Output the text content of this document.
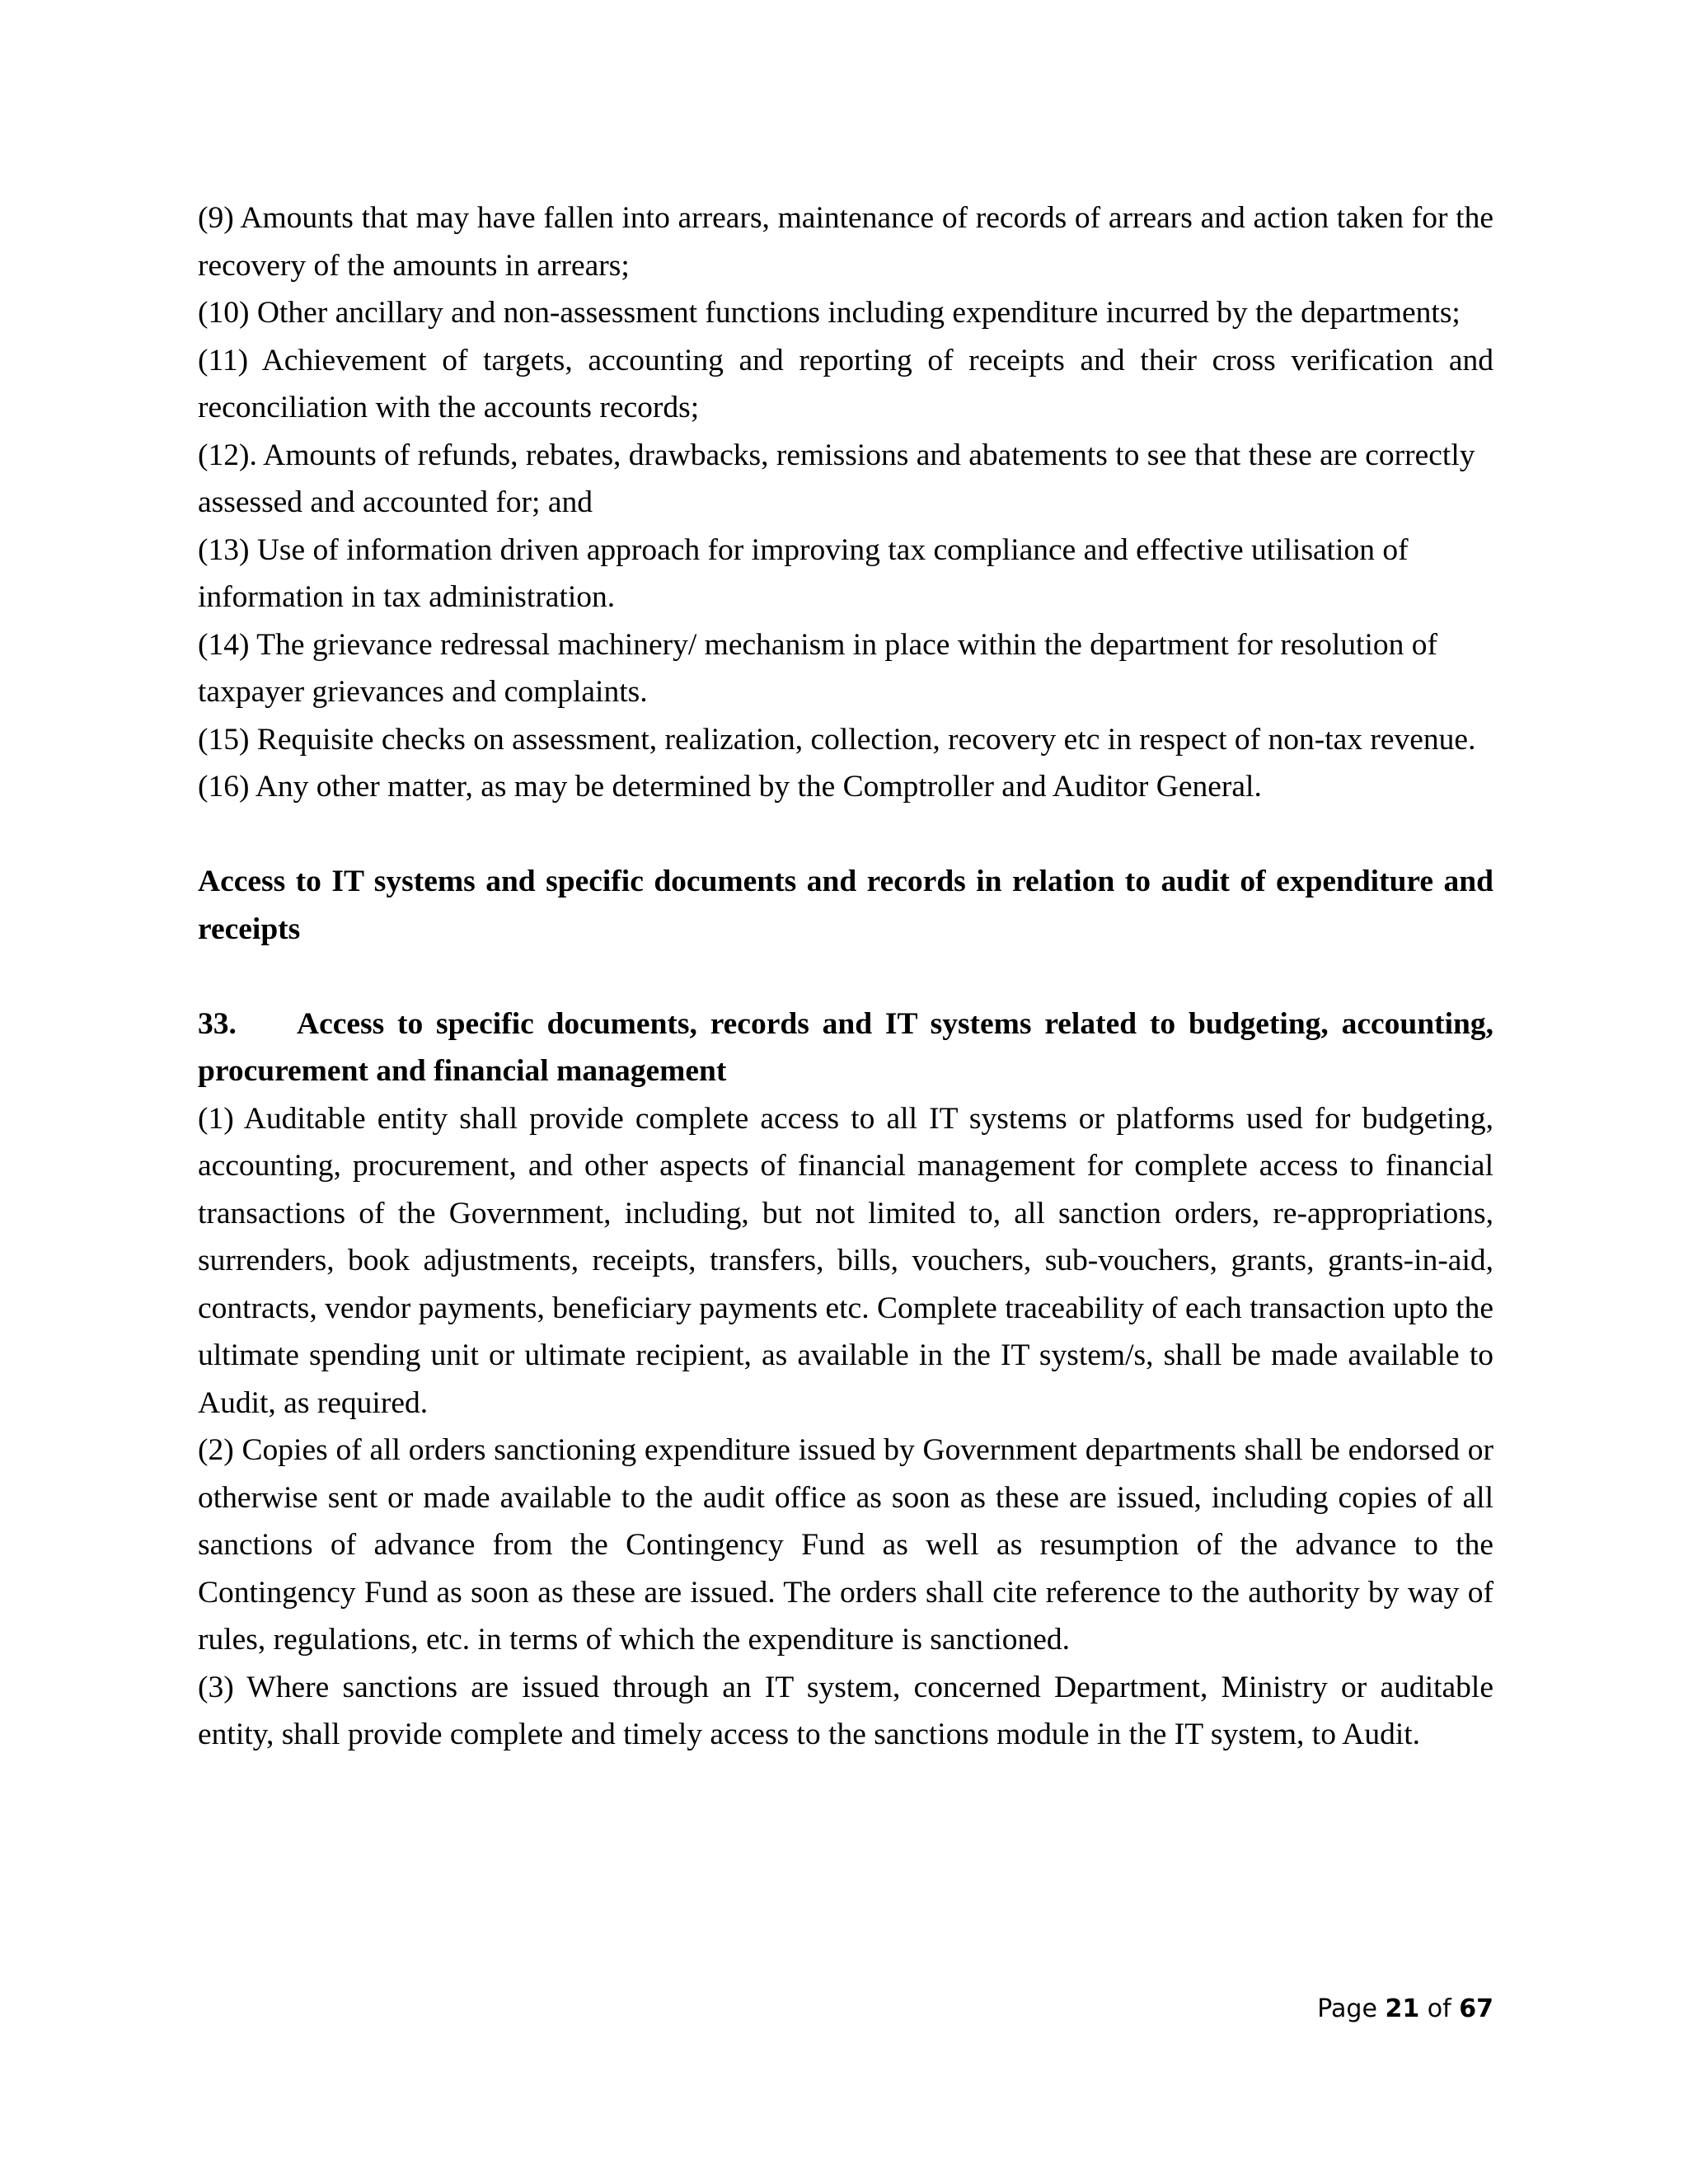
(9) Amounts that may have fallen into arrears, maintenance of records of arrears and action taken for the recovery of the amounts in arrears;

(10) Other ancillary and non-assessment functions including expenditure incurred by the departments;

(11) Achievement of targets, accounting and reporting of receipts and their cross verification and reconciliation with the accounts records;

(12). Amounts of refunds, rebates, drawbacks, remissions and abatements to see that these are correctly assessed and accounted for; and

(13) Use of information driven approach for improving tax compliance and effective utilisation of information in tax administration.

(14) The grievance redressal machinery/ mechanism in place within the department for resolution of taxpayer grievances and complaints.

(15) Requisite checks on assessment, realization, collection, recovery etc in respect of non-tax revenue.

(16) Any other matter, as may be determined by the Comptroller and Auditor General.

Access to IT systems and specific documents and records in relation to audit of expenditure and receipts

33. Access to specific documents, records and IT systems related to budgeting, accounting, procurement and financial management

(1) Auditable entity shall provide complete access to all IT systems or platforms used for budgeting, accounting, procurement, and other aspects of financial management for complete access to financial transactions of the Government, including, but not limited to, all sanction orders, re-appropriations, surrenders, book adjustments, receipts, transfers, bills, vouchers, sub-vouchers, grants, grants-in-aid, contracts, vendor payments, beneficiary payments etc. Complete traceability of each transaction upto the ultimate spending unit or ultimate recipient, as available in the IT system/s, shall be made available to Audit, as required.

(2) Copies of all orders sanctioning expenditure issued by Government departments shall be endorsed or otherwise sent or made available to the audit office as soon as these are issued, including copies of all sanctions of advance from the Contingency Fund as well as resumption of the advance to the Contingency Fund as soon as these are issued. The orders shall cite reference to the authority by way of rules, regulations, etc. in terms of which the expenditure is sanctioned.

(3) Where sanctions are issued through an IT system, concerned Department, Ministry or auditable entity, shall provide complete and timely access to the sanctions module in the IT system, to Audit.

Page 21 of 67
